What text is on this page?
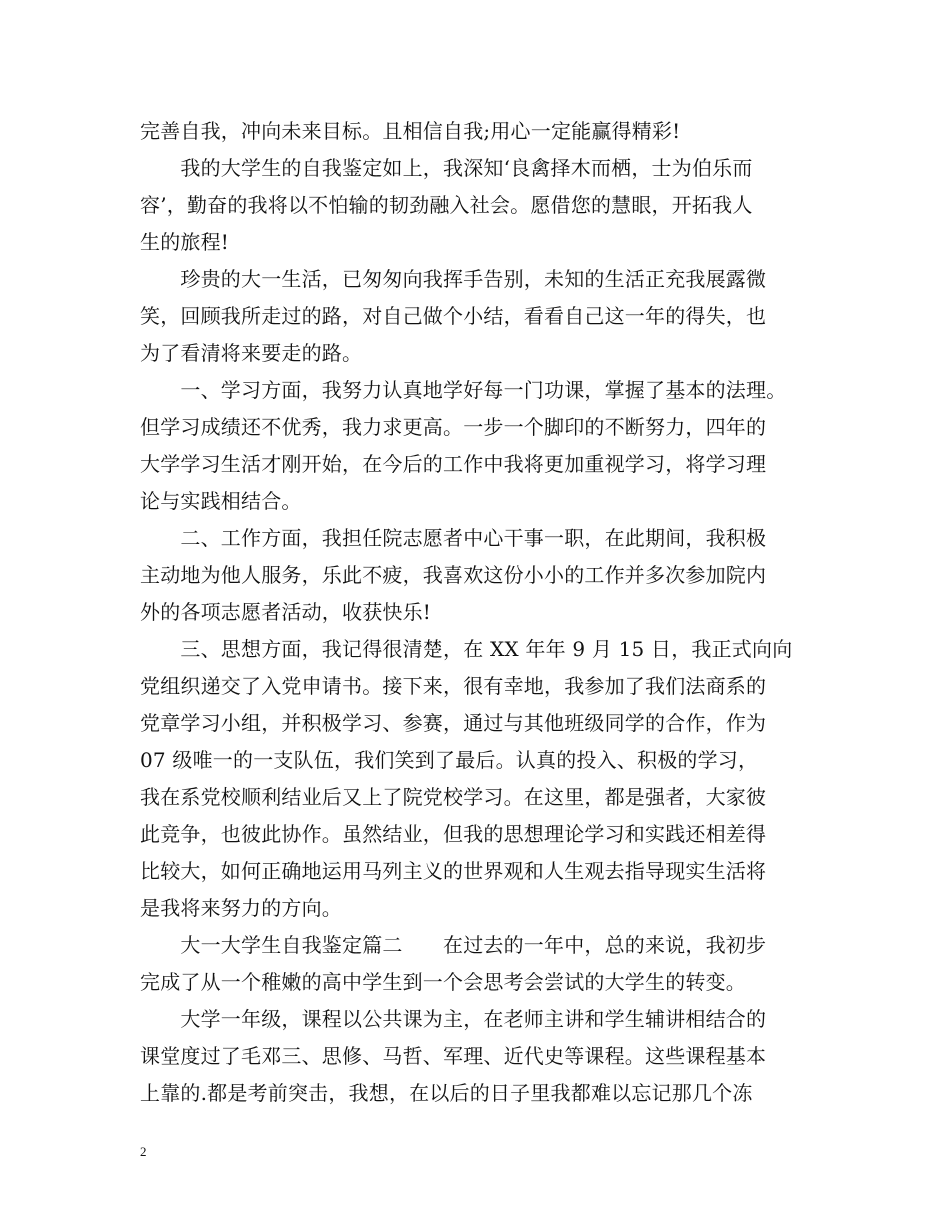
完善自我，冲向未来目标。且相信自我;用心一定能赢得精彩!
　　我的大学生的自我鉴定如上，我深知‘良禽择木而栖，士为伯乐而
容’，勤奋的我将以不怕输的韧劲融入社会。愿借您的慧眼，开拓我人
生的旅程!
　　珍贵的大一生活，已匆匆向我挥手告别，未知的生活正充我展露微
笑，回顾我所走过的路，对自己做个小结，看看自己这一年的得失，也
为了看清将来要走的路。
　　一、学习方面，我努力认真地学好每一门功课，掌握了基本的法理。
但学习成绩还不优秀，我力求更高。一步一个脚印的不断努力，四年的
大学学习生活才刚开始，在今后的工作中我将更加重视学习，将学习理
论与实践相结合。
　　二、工作方面，我担任院志愿者中心干事一职，在此期间，我积极
主动地为他人服务，乐此不疲，我喜欢这份小小的工作并多次参加院内
外的各项志愿者活动，收获快乐!
　　三、思想方面，我记得很清楚，在 XX 年年 9 月 15 日，我正式向向
党组织递交了入党申请书。接下来，很有幸地，我参加了我们法商系的
党章学习小组，并积极学习、参赛，通过与其他班级同学的合作，作为
07 级唯一的一支队伍，我们笑到了最后。认真的投入、积极的学习，
我在系党校顺利结业后又上了院党校学习。在这里，都是强者，大家彼
此竞争，也彼此协作。虽然结业，但我的思想理论学习和实践还相差得
比较大，如何正确地运用马列主义的世界观和人生观去指导现实生活将
是我将来努力的方向。
　　大一大学生自我鉴定篇二　　在过去的一年中，总的来说，我初步
完成了从一个稚嫩的高中学生到一个会思考会尝试的大学生的转变。
　　大学一年级，课程以公共课为主，在老师主讲和学生辅讲相结合的
课堂度过了毛邓三、思修、马哲、军理、近代史等课程。这些课程基本
上靠的.都是考前突击，我想，在以后的日子里我都难以忘记那几个冻
2
